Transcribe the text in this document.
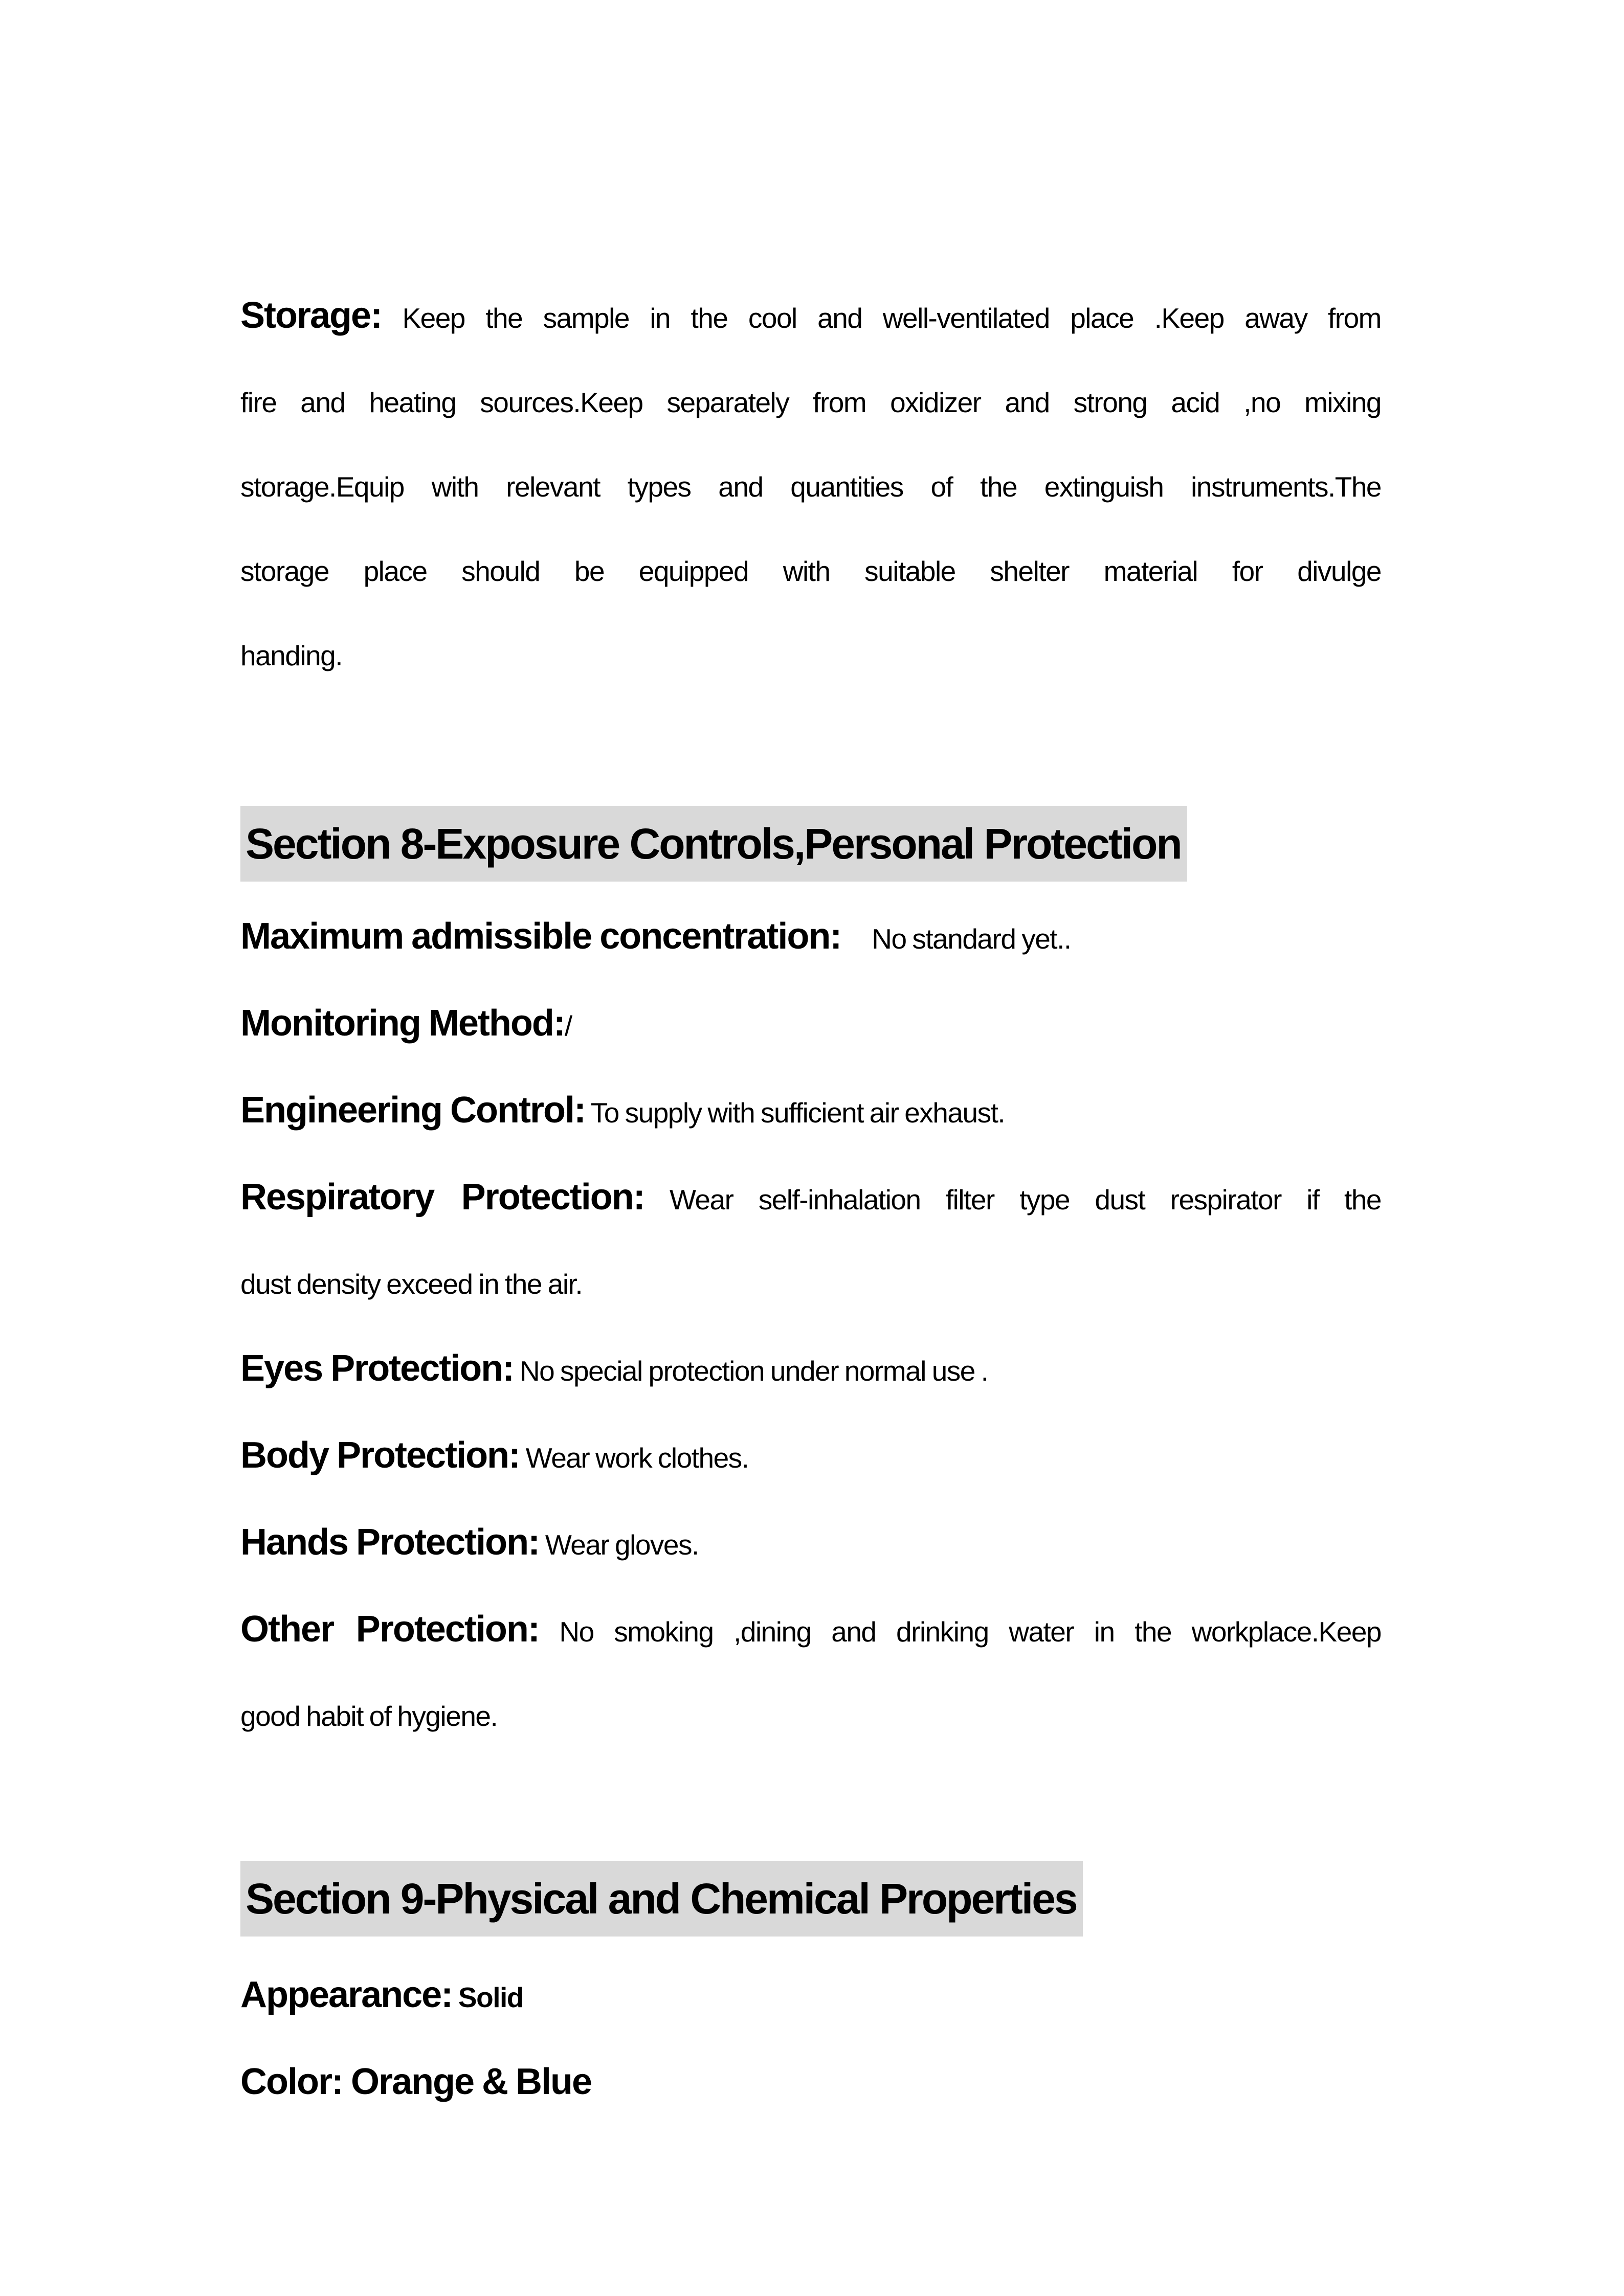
Storage: Keep the sample in the cool and well-ventilated place .Keep away from
fire and heating sources.Keep separately from oxidizer and strong acid ,no mixing
storage.Equip with relevant types and quantities of the extinguish instruments.The
storage place should be equipped with suitable shelter material for divulge
handing.
Section 8-Exposure Controls,Personal Protection
Maximum admissible concentration: No standard yet..
Monitoring Method:/
Engineering Control: To supply with sufficient air exhaust.
Respiratory Protection: Wear self-inhalation filter type dust respirator if the
dust density exceed in the air.
Eyes Protection: No special protection under normal use .
Body Protection: Wear work clothes.
Hands Protection: Wear gloves.
Other Protection: No smoking ,dining and drinking water in the workplace.Keep
good habit of hygiene.
Section 9-Physical and Chemical Properties
Appearance: Solid
Color: Orange & Blue
